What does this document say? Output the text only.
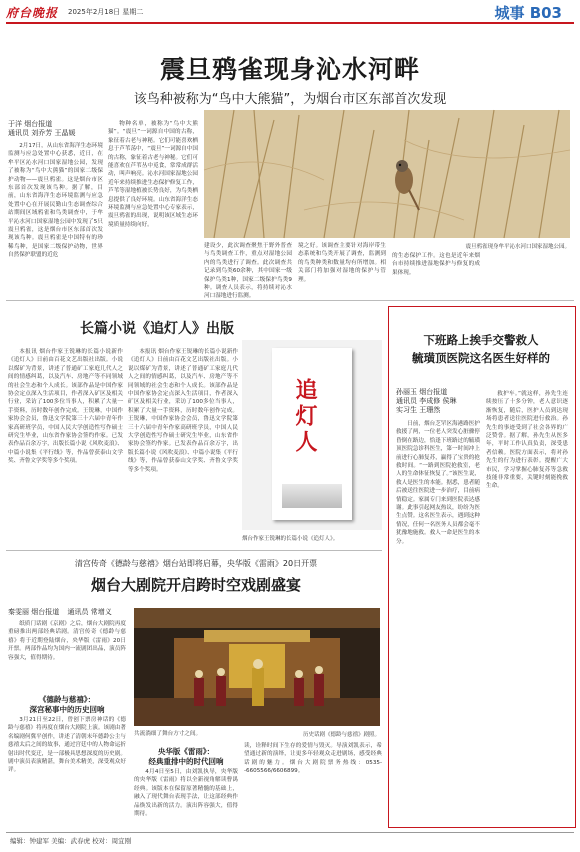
府台晚报 2025年2月18日 星期二	城事 B03
震旦鸦雀现身沁水河畔
该鸟种被称为“鸟中大熊猫”，为烟台市区东部首次发现
于洋 烟台报道
通讯员 刘乔芳 王晶媛
2月17日，从山东省海洋生态环境监测与应急处置中心获悉，近日，在牟平区沁水河口国家湿地公园，发现了被称为“鸟中大熊猫”的国家二级保护动物——震旦鸦雀。这是烟台市区东部首次发现该鸟种。据了解，目前，山东省海洋生态环境监测与应急处置中心在开展民勤山生态调查综合站期间区域鸦雀和鸟类调查中，于牟平沁水河口国家湿地公园中发现了5只震旦鸦雀，这是烟台市区东部首次发现该鸟种。震旦鸦雀是中国特有的珍稀鸟种，是国家二级保护动物，世界自然保护联盟的近危
物种名单，被称为“鸟中大熊猫”。“震旦”一词源自中国的古称，象征着古老与神秘。它们可能喜欢栖息于芦苇荡中，“震旦”一词源自中国的古称，象征着古老与神秘。它们可能喜欢在芦苇丛中觅食，常常成群活动，叫声响亮。沁水河国家湿地公园近年来持续推进生态保护修复工作，芦苇等湿地植被长势良好，为鸟类栖息提供了良好环境。山东省海洋生态环境监测与应急处置中心专家表示，震旦鸦雀的出现，说明该区域生态环境质量持续向好。
震旦鸦雀现身牟平沁水河口国家湿地公园。
建设少，此次调查聚焦于野外普查与鸟类调查工作，重点对湿地公园内的鸟类进行了调查。此次调查共记录到鸟类60余种，其中国家一级保护鸟类1种，国家二级保护鸟类9种。调查人员表示，将持续对沁水河口湿地进行监测。
境之好。该调查主要针对海岸带生态系统和鸟类开展了调查，监测到的鸟类种类和数量均有所增加。相关部门将加强对湿地的保护与管理。
的生态保护工作。这也是近年来烟台市持续推进湿地保护与修复的成果体现。
长篇小说《追灯人》出版
本报讯 烟台作家王锐琳的长篇小说新作《追灯人》日前由百花文艺出版社出版。小说以煤矿为背景，讲述了普通矿工家庭几代人之间的情感纠葛，以及汽车、房地产等不同领域的社会生态和个人成长。该部作品是中国作家协会定点深入生活项目，作者深入矿区及相关行业，采访了100多位当事人，积累了大量一手资料，历时数年创作完成。王锐琳，中国作家协会会员，鲁迅文学院第三十六届中青年作家高研班学员，中国人民大学创造性写作硕士研究生毕业，山东省作家协会签约作家。已发表作品百余万字，出版长篇小说《风吹麦浪》、中篇小说集《平行线》等，作品曾获泰山文学奖、齐鲁文学奖等多个奖项。
本报讯 烟台作家王锐琳的长篇小说新作《追灯人》日前由百花文艺出版社出版。小说以煤矿为背景，讲述了普通矿工家庭几代人之间的情感纠葛，以及汽车、房地产等不同领域的社会生态和个人成长。该部作品是中国作家协会定点深入生活项目，作者深入矿区及相关行业，采访了100多位当事人，积累了大量一手资料，历时数年创作完成。王锐琳，中国作家协会会员，鲁迅文学院第三十六届中青年作家高研班学员，中国人民大学创造性写作硕士研究生毕业，山东省作家协会签约作家。已发表作品百余万字，出版长篇小说《风吹麦浪》、中篇小说集《平行线》等，作品曾获泰山文学奖、齐鲁文学奖等多个奖项。
追灯人
烟台作家王锐琳的长篇小说《追灯人》。
下班路上挨手交警救人
毓璜顶医院这名医生好样的
孙丽玉 烟台报道
通讯员 李成修 侯琳
实习生 王珊然
日前，烟台芝罘区海港路医护救援了两，一位老人突发心脏骤停昏倒在路边，恰逢下班路过的毓璜顶医院急诊科医生，第一时间冲上前进行心肺复苏，赢得了宝贵的抢救时间。“一路到医院抢救室，老人的生命体征恢复了。”该医生说，救人是医生的本能。据悉，患者随后被送往医院进一步治疗，目前病情稳定。家属专门来到医院表达感谢。此事引起网友热议，纷纷为医生点赞。这名医生表示，遇到这种情况，任何一名医务人员都会毫不犹豫地施救。救人一命是医生的本分。
救护车。”就这样，孙先生连续按压了十多分钟，老人意识逐渐恢复，随后，医护人员到达现场将患者送往医院进行救治。孙先生的事迹受到了社会各界的广泛赞誉。据了解，孙先生从医多年，平时工作认真负责，深受患者信赖。医院方面表示，将对孙先生的行为进行表彰。提醒广大市民，学习掌握心肺复苏等急救技能非常重要，关键时刻能挽救生命。
清宫传奇《德龄与慈禧》烟台站即将启幕，央华版《雷雨》20日开票
烟台大剧院开启跨时空戏剧盛宴
秦雯丽 烟台报道 通讯员 常增义
纸质门话剧《京剧》之后，烟台大剧院再度重磅推出两部经典话剧。清宫传奇《德龄与慈禧》将于近期登陆烟台，央华版《雷雨》20日开票。两部作品均为国内一流剧团出品，演员阵容强大，值得期待。
《德龄与慈禧》：
深宫秘事中的历史回响
3月21日至22日，曾创下票房神话的《德龄与慈禧》将再度在烟台大剧院上演。该剧由著名编剧何冀平创作，讲述了清朝末年德龄公主与慈禧太后之间的故事，通过宫廷中的人物命运折射出时代变迁，是一部极具思想深度的历史剧。剧中演员表演精湛，舞台美术精美，深受观众好评。
历史话剧《德龄与慈禧》剧照。
共流淌细了舞台方寸之间。
央华版《雷雨》：
经典重排中的时代回响
4月4日至5日，由刘凯执导，央华版的央华版《雷雨》将以全新视角解读曹禺经典。该版本在保留原著精髓的基础上，融入了现代舞台表现手法，让这部经典作品焕发出新的活力。演出阵容强大，值得期待。
读，诠释时间下生存的爱情与毁灭。导演刘凯表示，希望通过新的演绎，让更多年轻观众走进剧场，感受经典话剧的魅力。烟台大剧院票务热线：0535--6605566/6606899。
编辑：钟建军 美编：武春虎 校对：周宜刚
